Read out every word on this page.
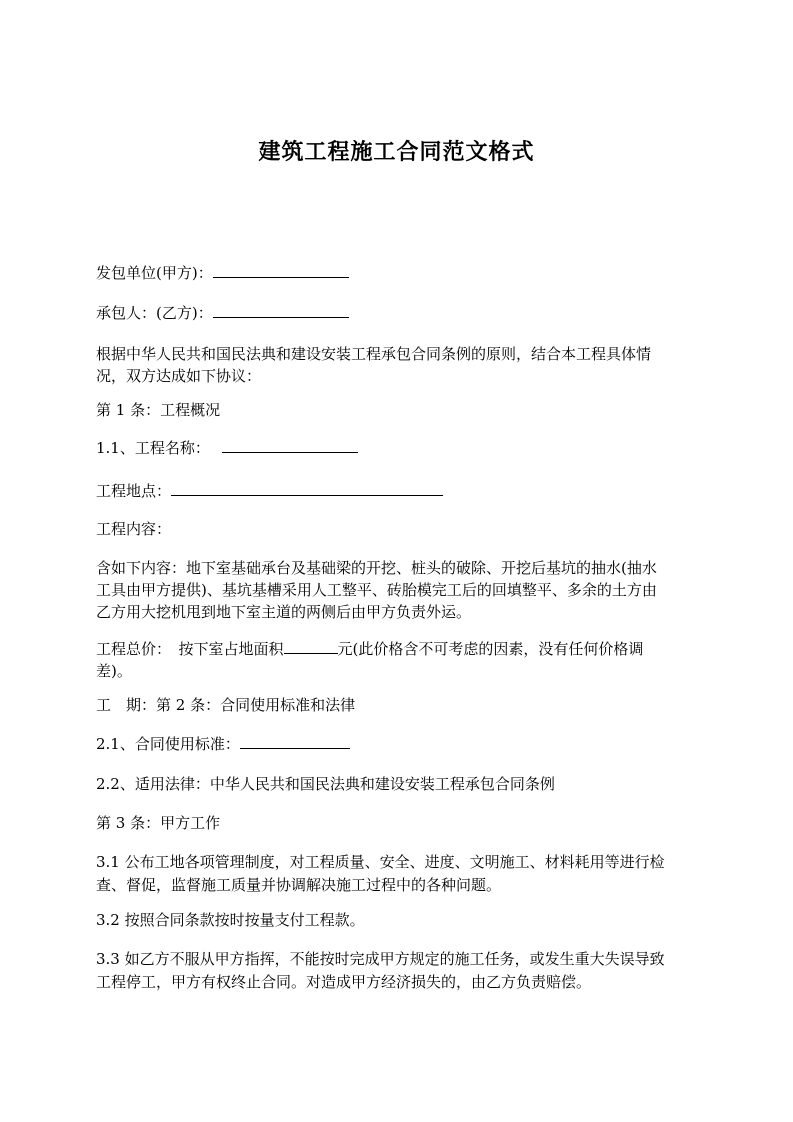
建筑工程施工合同范文格式
发包单位(甲方)：
承包人：(乙方)：
根据中华人民共和国民法典和建设安装工程承包合同条例的原则，结合本工程具体情
况，双方达成如下协议：
第 1 条：工程概况
1.1、工程名称：
工程地点：
工程内容：
含如下内容：地下室基础承台及基础梁的开挖、桩头的破除、开挖后基坑的抽水(抽水
工具由甲方提供)、基坑基槽采用人工整平、砖胎模完工后的回填整平、多余的土方由
乙方用大挖机甩到地下室主道的两侧后由甲方负责外运。
工程总价：　按下室占地面积	元(此价格含不可考虑的因素，没有任何价格调
差)。
工　期：第 2 条：合同使用标准和法律
2.1、合同使用标准：
2.2、适用法律：中华人民共和国民法典和建设安装工程承包合同条例
第 3 条：甲方工作
3.1 公布工地各项管理制度，对工程质量、安全、进度、文明施工、材料耗用等进行检
查、督促，监督施工质量并协调解决施工过程中的各种问题。
3.2 按照合同条款按时按量支付工程款。
3.3 如乙方不服从甲方指挥，不能按时完成甲方规定的施工任务，或发生重大失误导致
工程停工，甲方有权终止合同。对造成甲方经济损失的，由乙方负责赔偿。
